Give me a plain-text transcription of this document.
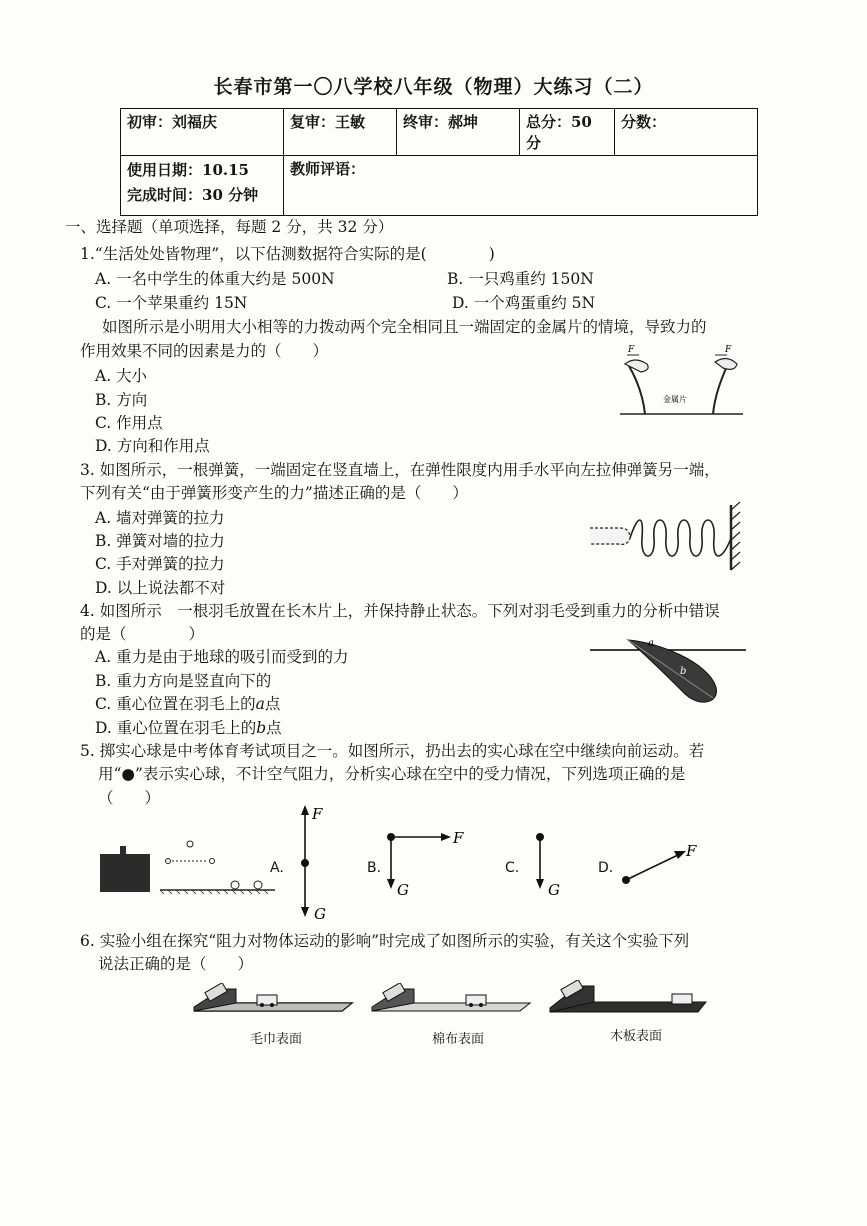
长春市第一〇八学校八年级（物理）大练习（二）
初审：刘福庆	复审：王敏	终审：郝坤	总分：50 分	分数：

使用日期：10.15
完成时间：30 分钟	教师评语：			
一、选择题（单项选择，每题 2 分，共 32 分）
1.“生活处处皆物理”，以下估测数据符合实际的是(	)
A. 一名中学生的体重大约是 500N	B. 一只鸡重约 150N
C. 一个苹果重约 15N	D. 一个鸡蛋重约 5N
如图所示是小明用大小相等的力拨动两个完全相同且一端固定的金属片的情境，导致力的
作用效果不同的因素是力的（　　）
A. 大小
B. 方向
C. 作用点
D. 方向和作用点
金属片
F	F
3. 如图所示，一根弹簧，一端固定在竖直墙上，在弹性限度内用手水平向左拉伸弹簧另一端，
下列有关“由于弹簧形变产生的力”描述正确的是（　　）
A. 墙对弹簧的拉力
B. 弹簧对墙的拉力
C. 手对弹簧的拉力
D. 以上说法都不对
4. 如图所示　一根羽毛放置在长木片上，并保持静止状态。下列对羽毛受到重力的分析中错误
的是（	）
A. 重力是由于地球的吸引而受到的力
B. 重力方向是竖直向下的
C. 重心位置在羽毛上的a点
D. 重心位置在羽毛上的b点
a
b
5. 掷实心球是中考体育考试项目之一。如图所示，扔出去的实心球在空中继续向前运动。若
用“●”表示实心球，不计空气阻力，分析实心球在空中的受力情况，下列选项正确的是
（　　）
A.
F
G
B.
F
G
C.
G
D.
F
6. 实验小组在探究“阻力对物体运动的影响”时完成了如图所示的实验，有关这个实验下列
说法正确的是（　　）
毛巾表面	棉布表面	木板表面
